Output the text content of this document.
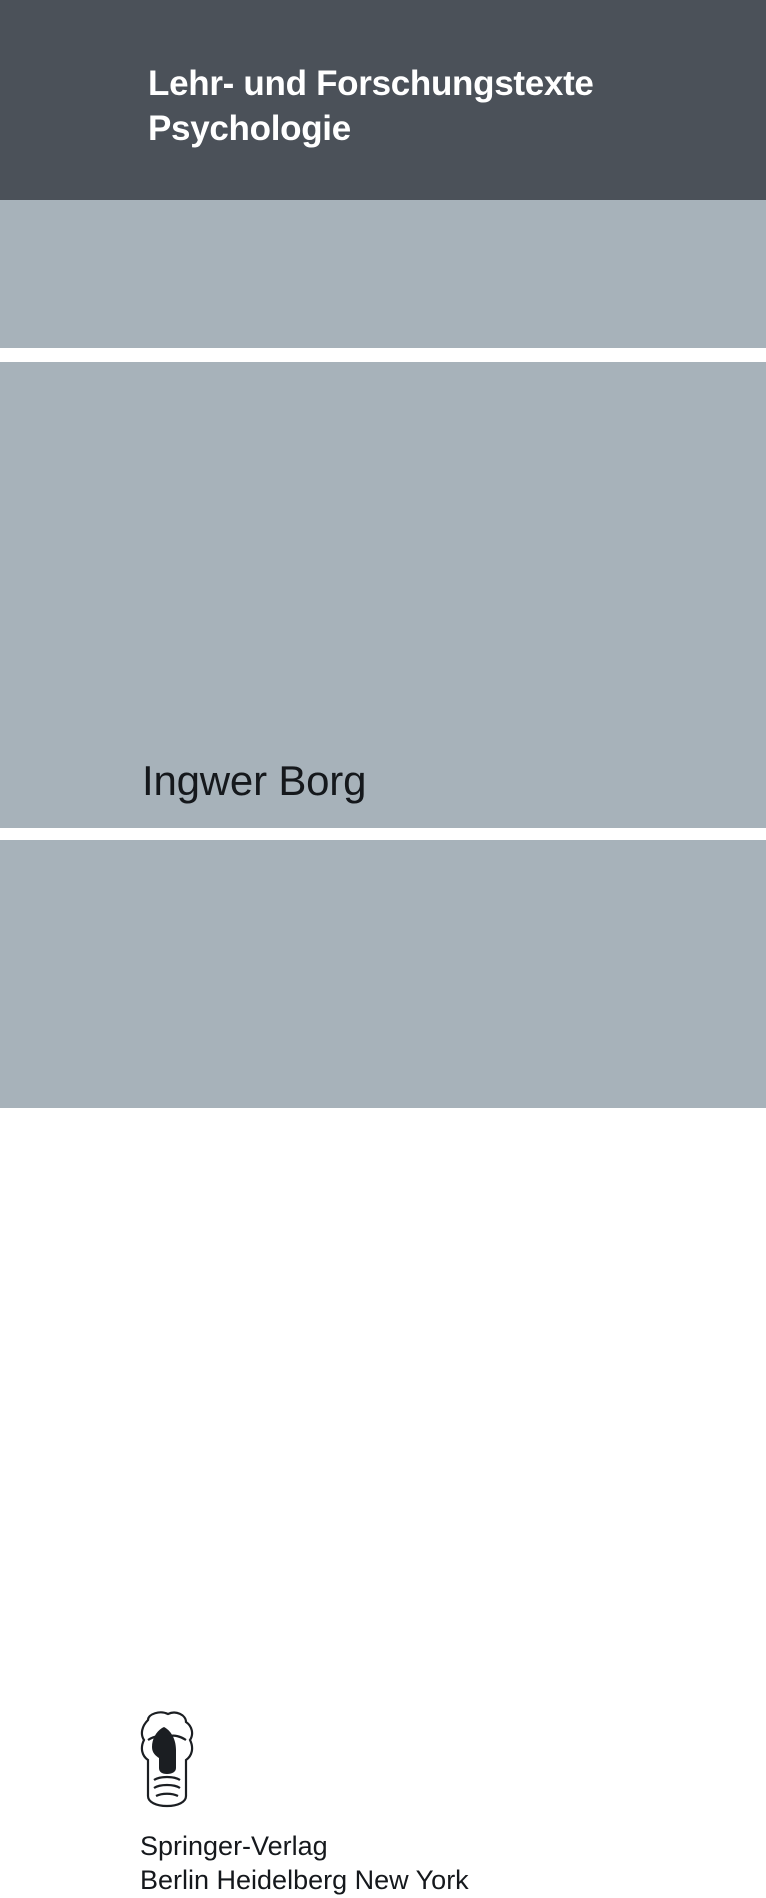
Lehr- und Forschungstexte Psychologie
Ingwer Borg
Springer-Verlag
Berlin Heidelberg New York
